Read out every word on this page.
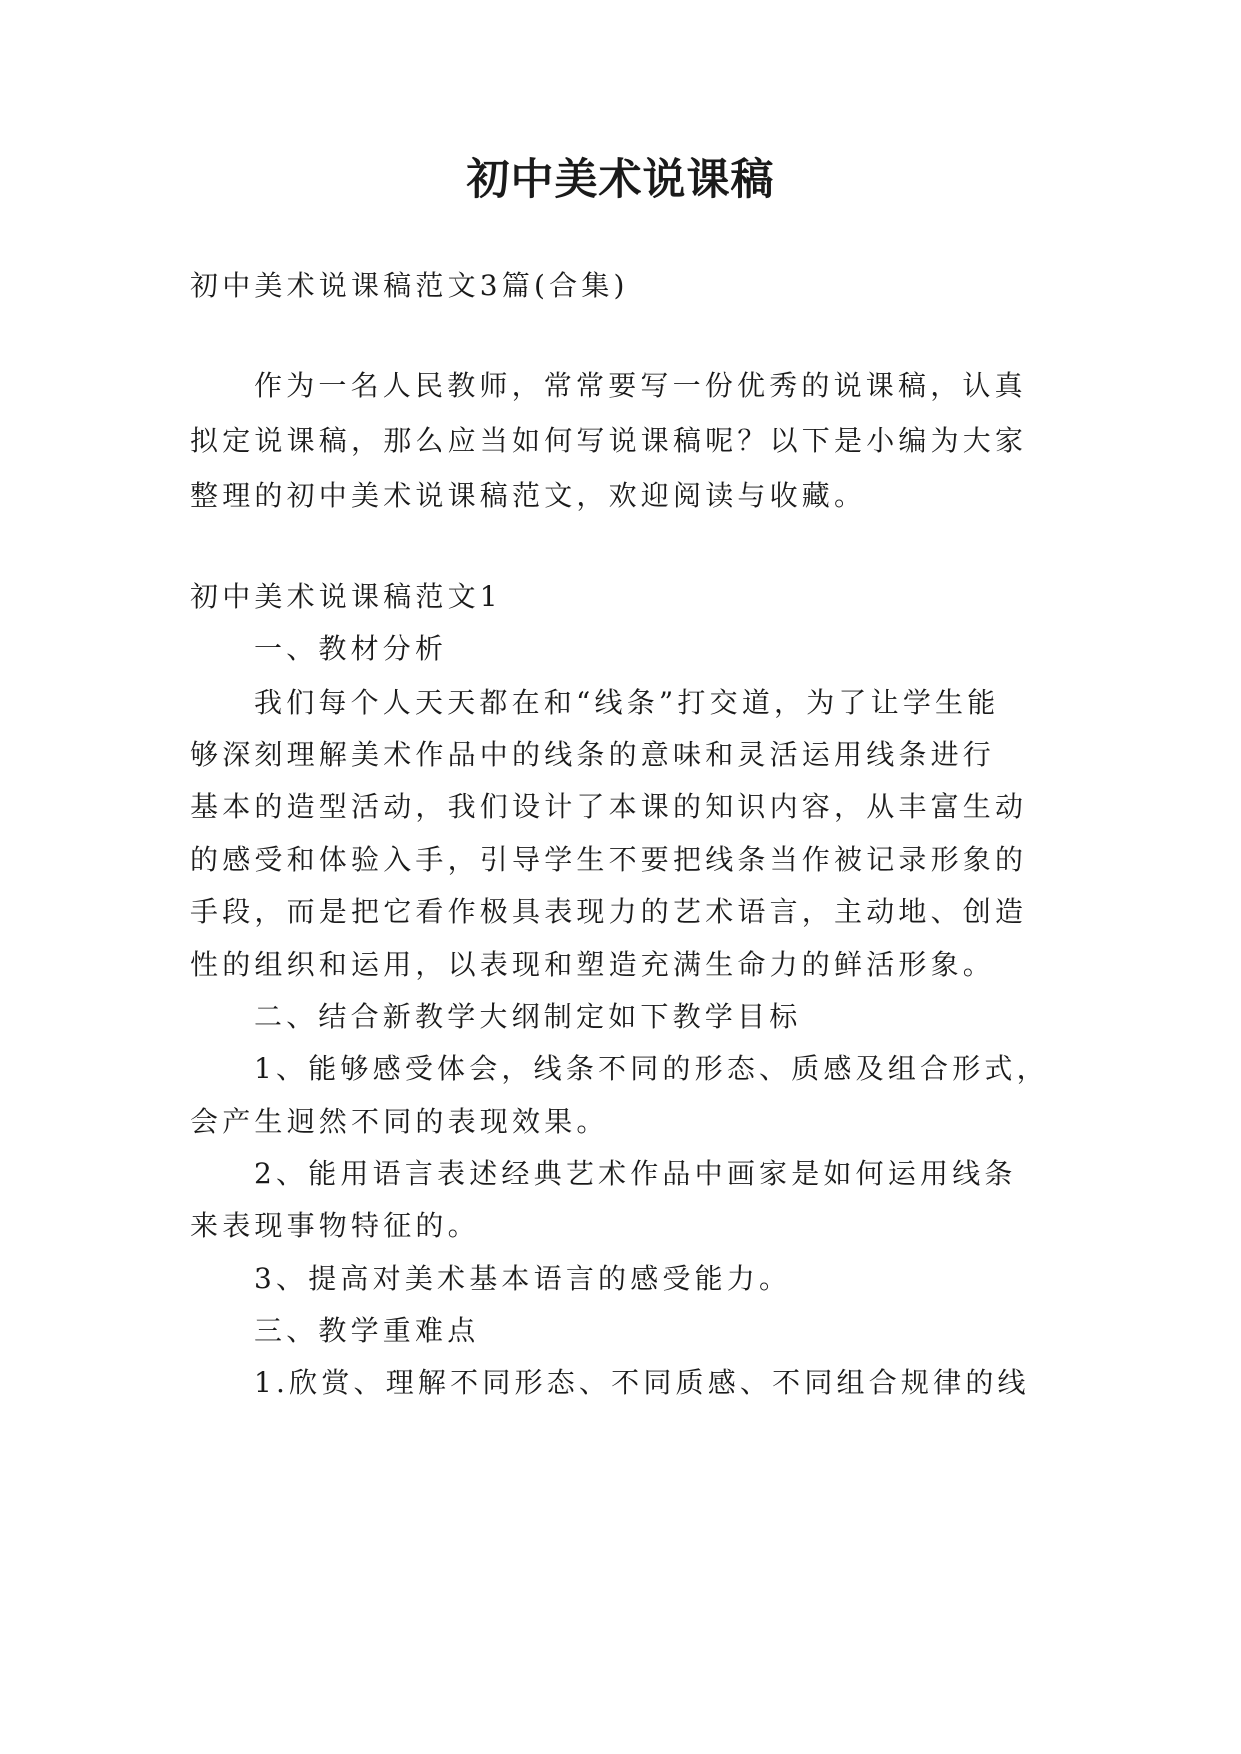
初中美术说课稿
初中美术说课稿范文3篇(合集)
作为一名人民教师，常常要写一份优秀的说课稿，认真
拟定说课稿，那么应当如何写说课稿呢？以下是小编为大家
整理的初中美术说课稿范文，欢迎阅读与收藏。
初中美术说课稿范文1
一、教材分析
我们每个人天天都在和“线条”打交道，为了让学生能
够深刻理解美术作品中的线条的意味和灵活运用线条进行
基本的造型活动，我们设计了本课的知识内容，从丰富生动
的感受和体验入手，引导学生不要把线条当作被记录形象的
手段，而是把它看作极具表现力的艺术语言，主动地、创造
性的组织和运用，以表现和塑造充满生命力的鲜活形象。
二、结合新教学大纲制定如下教学目标
1、能够感受体会，线条不同的形态、质感及组合形式，
会产生迥然不同的表现效果。
2、能用语言表述经典艺术作品中画家是如何运用线条
来表现事物特征的。
3、提高对美术基本语言的感受能力。
三、教学重难点
1.欣赏、理解不同形态、不同质感、不同组合规律的线
